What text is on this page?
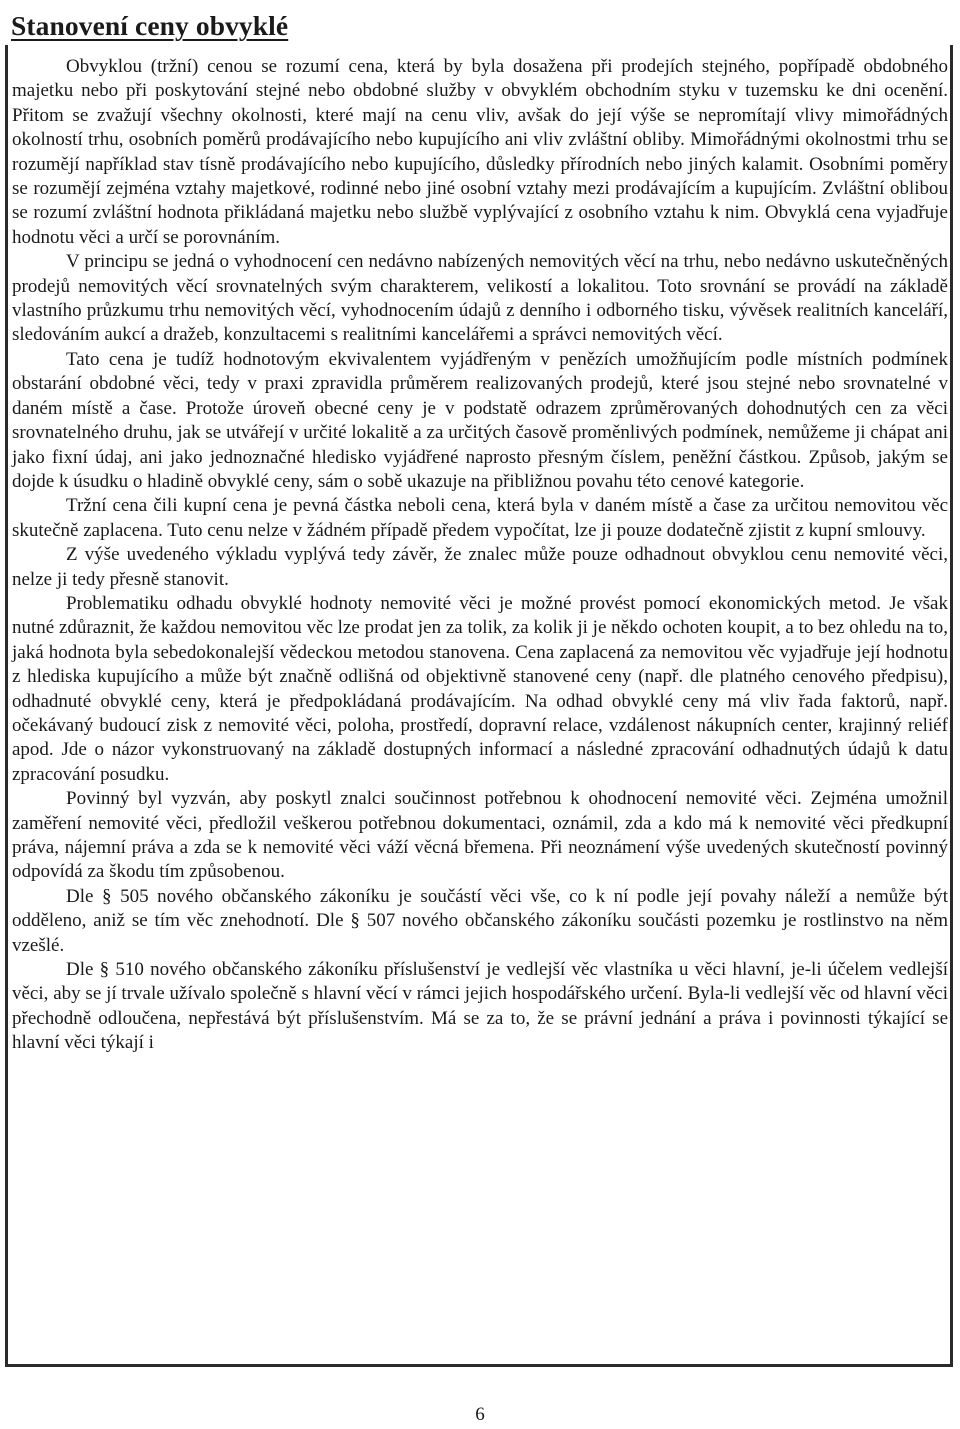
Stanovení ceny obvyklé

Obvyklou (tržní) cenou se rozumí cena, která by byla dosažena při prodejích stejného, popřípadě obdobného majetku nebo při poskytování stejné nebo obdobné služby v obvyklém obchodním styku v tuzemsku ke dni ocenění. Přitom se zvažují všechny okolnosti, které mají na cenu vliv, avšak do její výše se nepromítají vlivy mimořádných okolností trhu, osobních poměrů prodávajícího nebo kupujícího ani vliv zvláštní obliby. Mimořádnými okolnostmi trhu se rozumějí například stav tísně prodávajícího nebo kupujícího, důsledky přírodních nebo jiných kalamit. Osobními poměry se rozumějí zejména vztahy majetkové, rodinné nebo jiné osobní vztahy mezi prodávajícím a kupujícím. Zvláštní oblibou se rozumí zvláštní hodnota přikládaná majetku nebo službě vyplývající z osobního vztahu k nim. Obvyklá cena vyjadřuje hodnotu věci a určí se porovnáním.

V principu se jedná o vyhodnocení cen nedávno nabízených nemovitých věcí na trhu, nebo nedávno uskutečněných prodejů nemovitých věcí srovnatelných svým charakterem, velikostí a lokalitou. Toto srovnání se provádí na základě vlastního průzkumu trhu nemovitých věcí, vyhodnocením údajů z denního i odborného tisku, vývěsek realitních kanceláří, sledováním aukcí a dražeb, konzultacemi s realitními kancelářemi a správci nemovitých věcí.

Tato cena je tudíž hodnotovým ekvivalentem vyjádřeným v penězích umožňujícím podle místních podmínek obstarání obdobné věci, tedy v praxi zpravidla průměrem realizovaných prodejů, které jsou stejné nebo srovnatelné v daném místě a čase. Protože úroveň obecné ceny je v podstatě odrazem zprůměrovaných dohodnutých cen za věci srovnatelného druhu, jak se utvářejí v určité lokalitě a za určitých časově proměnlivých podmínek, nemůžeme ji chápat ani jako fixní údaj, ani jako jednoznačné hledisko vyjádřené naprosto přesným číslem, peněžní částkou. Způsob, jakým se dojde k úsudku o hladině obvyklé ceny, sám o sobě ukazuje na přibližnou povahu této cenové kategorie.

Tržní cena čili kupní cena je pevná částka neboli cena, která byla v daném místě a čase za určitou nemovitou věc skutečně zaplacena. Tuto cenu nelze v žádném případě předem vypočítat, lze ji pouze dodatečně zjistit z kupní smlouvy.

Z výše uvedeného výkladu vyplývá tedy závěr, že znalec může pouze odhadnout obvyklou cenu nemovité věci, nelze ji tedy přesně stanovit.

Problematiku odhadu obvyklé hodnoty nemovité věci je možné provést pomocí ekonomických metod. Je však nutné zdůraznit, že každou nemovitou věc lze prodat jen za tolik, za kolik ji je někdo ochoten koupit, a to bez ohledu na to, jaká hodnota byla sebedokonalejší vědeckou metodou stanovena. Cena zaplacená za nemovitou věc vyjadřuje její hodnotu z hlediska kupujícího a může být značně odlišná od objektivně stanovené ceny (např. dle platného cenového předpisu), odhadnuté obvyklé ceny, která je předpokládaná prodávajícím. Na odhad obvyklé ceny má vliv řada faktorů, např. očekávaný budoucí zisk z nemovité věci, poloha, prostředí, dopravní relace, vzdálenost nákupních center, krajinný reliéf apod. Jde o názor vykonstruovaný na základě dostupných informací a následné zpracování odhadnutých údajů k datu zpracování posudku.

Povinný byl vyzván, aby poskytl znalci součinnost potřebnou k ohodnocení nemovité věci. Zejména umožnil zaměření nemovité věci, předložil veškerou potřebnou dokumentaci, oznámil, zda a kdo má k nemovité věci předkupní práva, nájemní práva a zda se k nemovité věci váží věcná břemena. Při neoznámení výše uvedených skutečností povinný odpovídá za škodu tím způsobenou.

Dle § 505 nového občanského zákoníku je součástí věci vše, co k ní podle její povahy náleží a nemůže být odděleno, aniž se tím věc znehodnotí. Dle § 507 nového občanského zákoníku součásti pozemku je rostlinstvo na něm vzešlé.

Dle § 510 nového občanského zákoníku příslušenství je vedlejší věc vlastníka u věci hlavní, je-li účelem vedlejší věci, aby se jí trvale užívalo společně s hlavní věcí v rámci jejich hospodářského určení. Byla-li vedlejší věc od hlavní věci přechodně odloučena, nepřestává být příslušenstvím. Má se za to, že se právní jednání a práva i povinnosti týkající se hlavní věci týkají i

6
